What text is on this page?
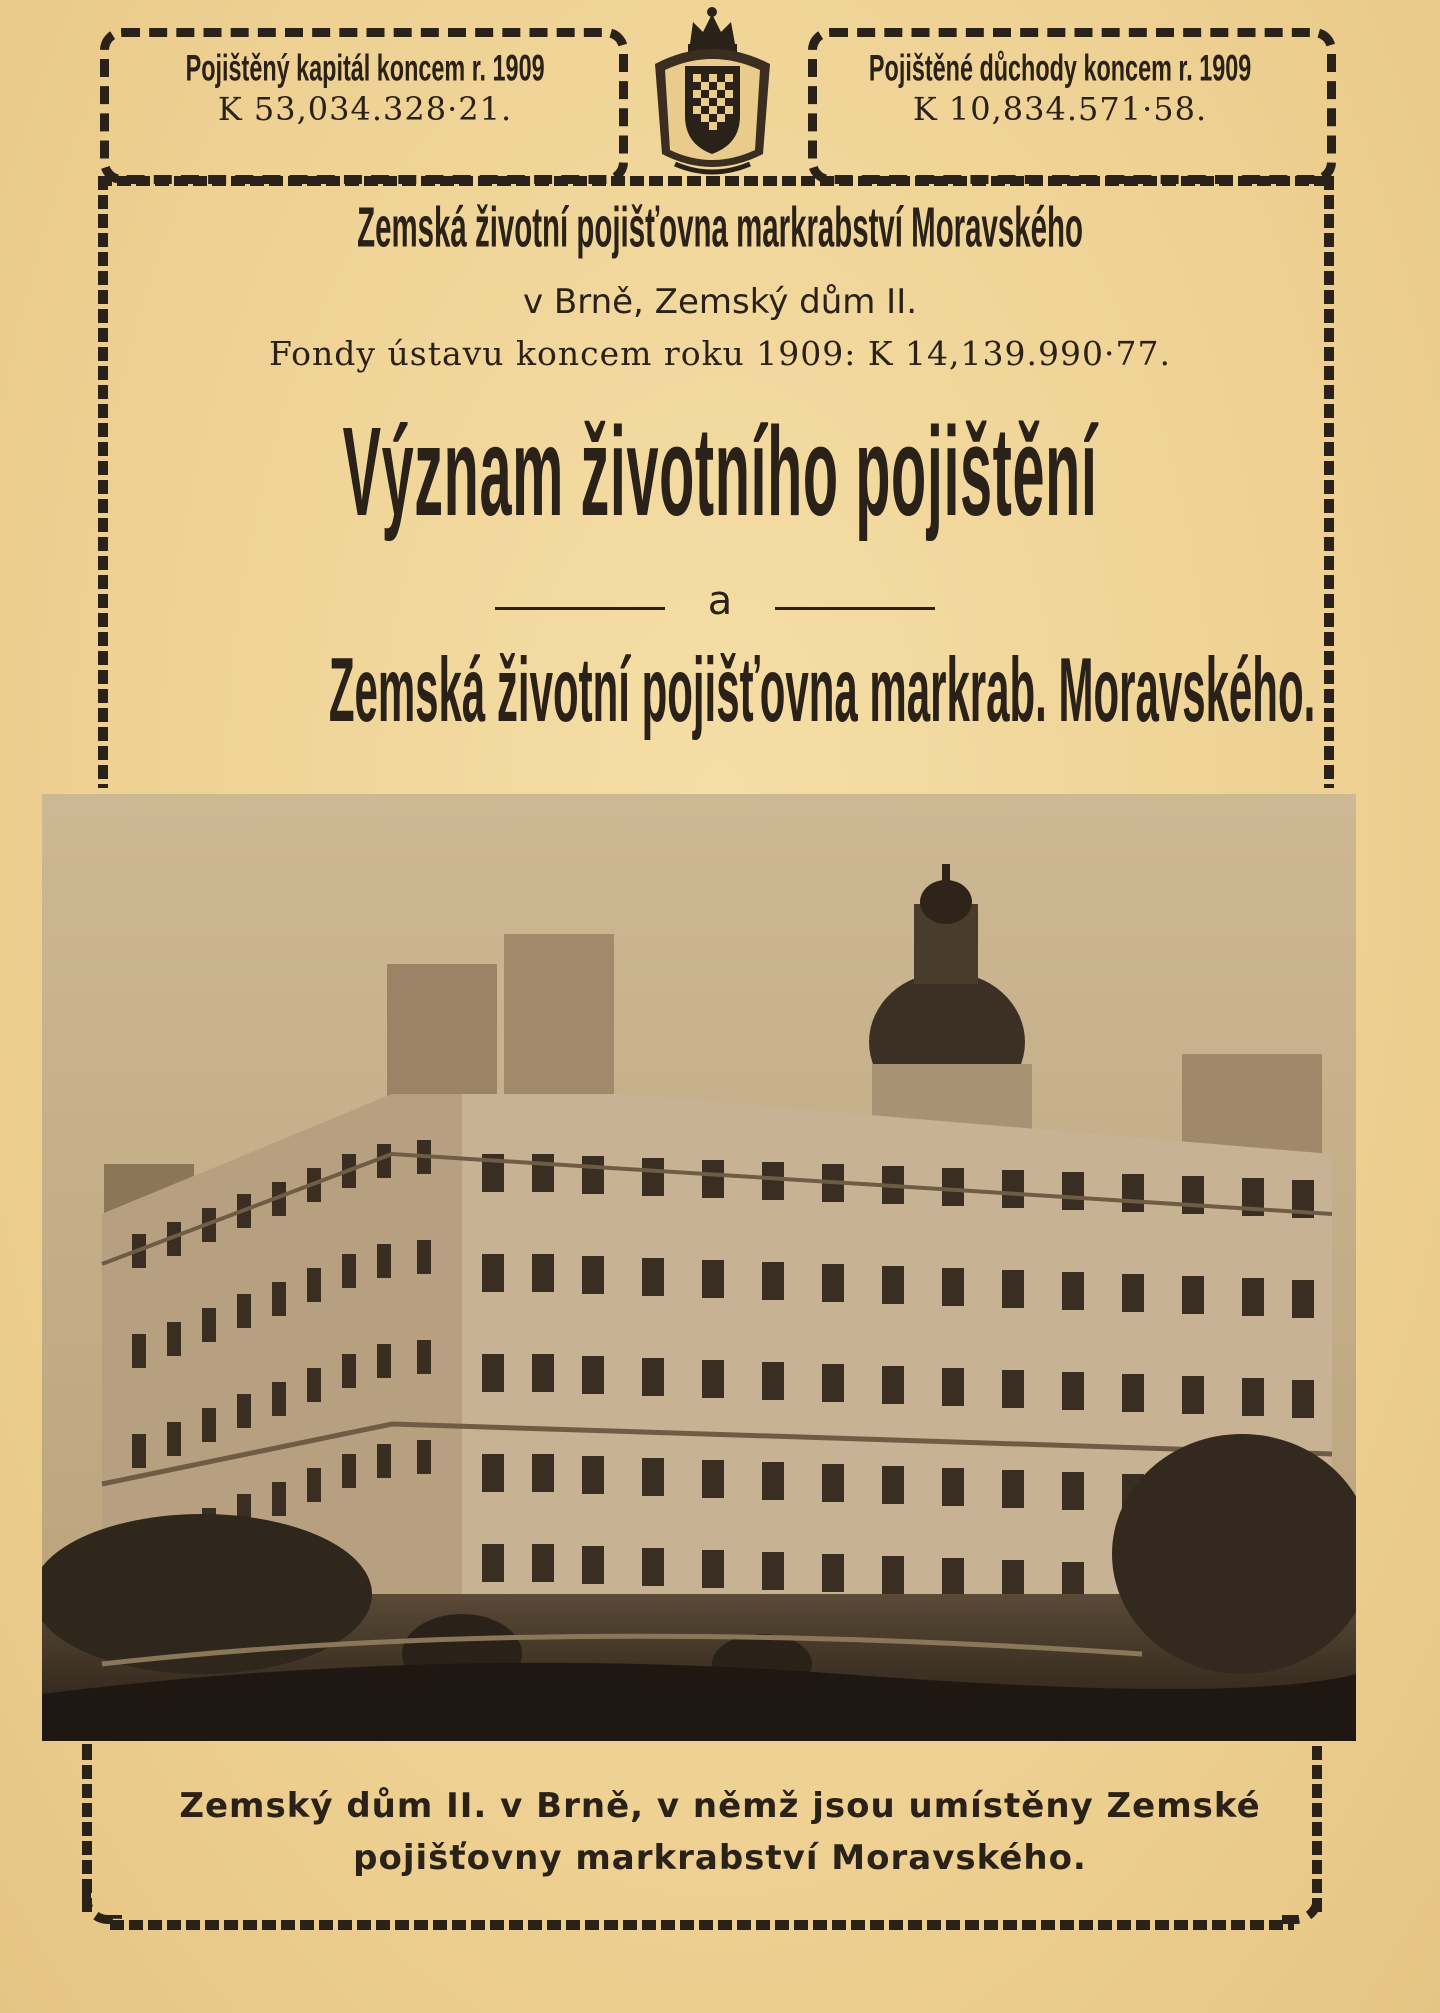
Pojištěný kapitál koncem r. 1909
K 53,034.328·21.
Pojištěné důchody koncem r. 1909
K 10,834.571·58.
Zemská životní pojišťovna markrabství Moravského
v Brně, Zemský dům II.
Fondy ústavu koncem roku 1909: K 14,139.990·77.
Význam životního pojištění
a
Zemská životní pojišťovna markrab. Moravského.
Zemský dům II. v Brně, v němž jsou umístěny Zemské
pojišťovny markrabství Moravského.
